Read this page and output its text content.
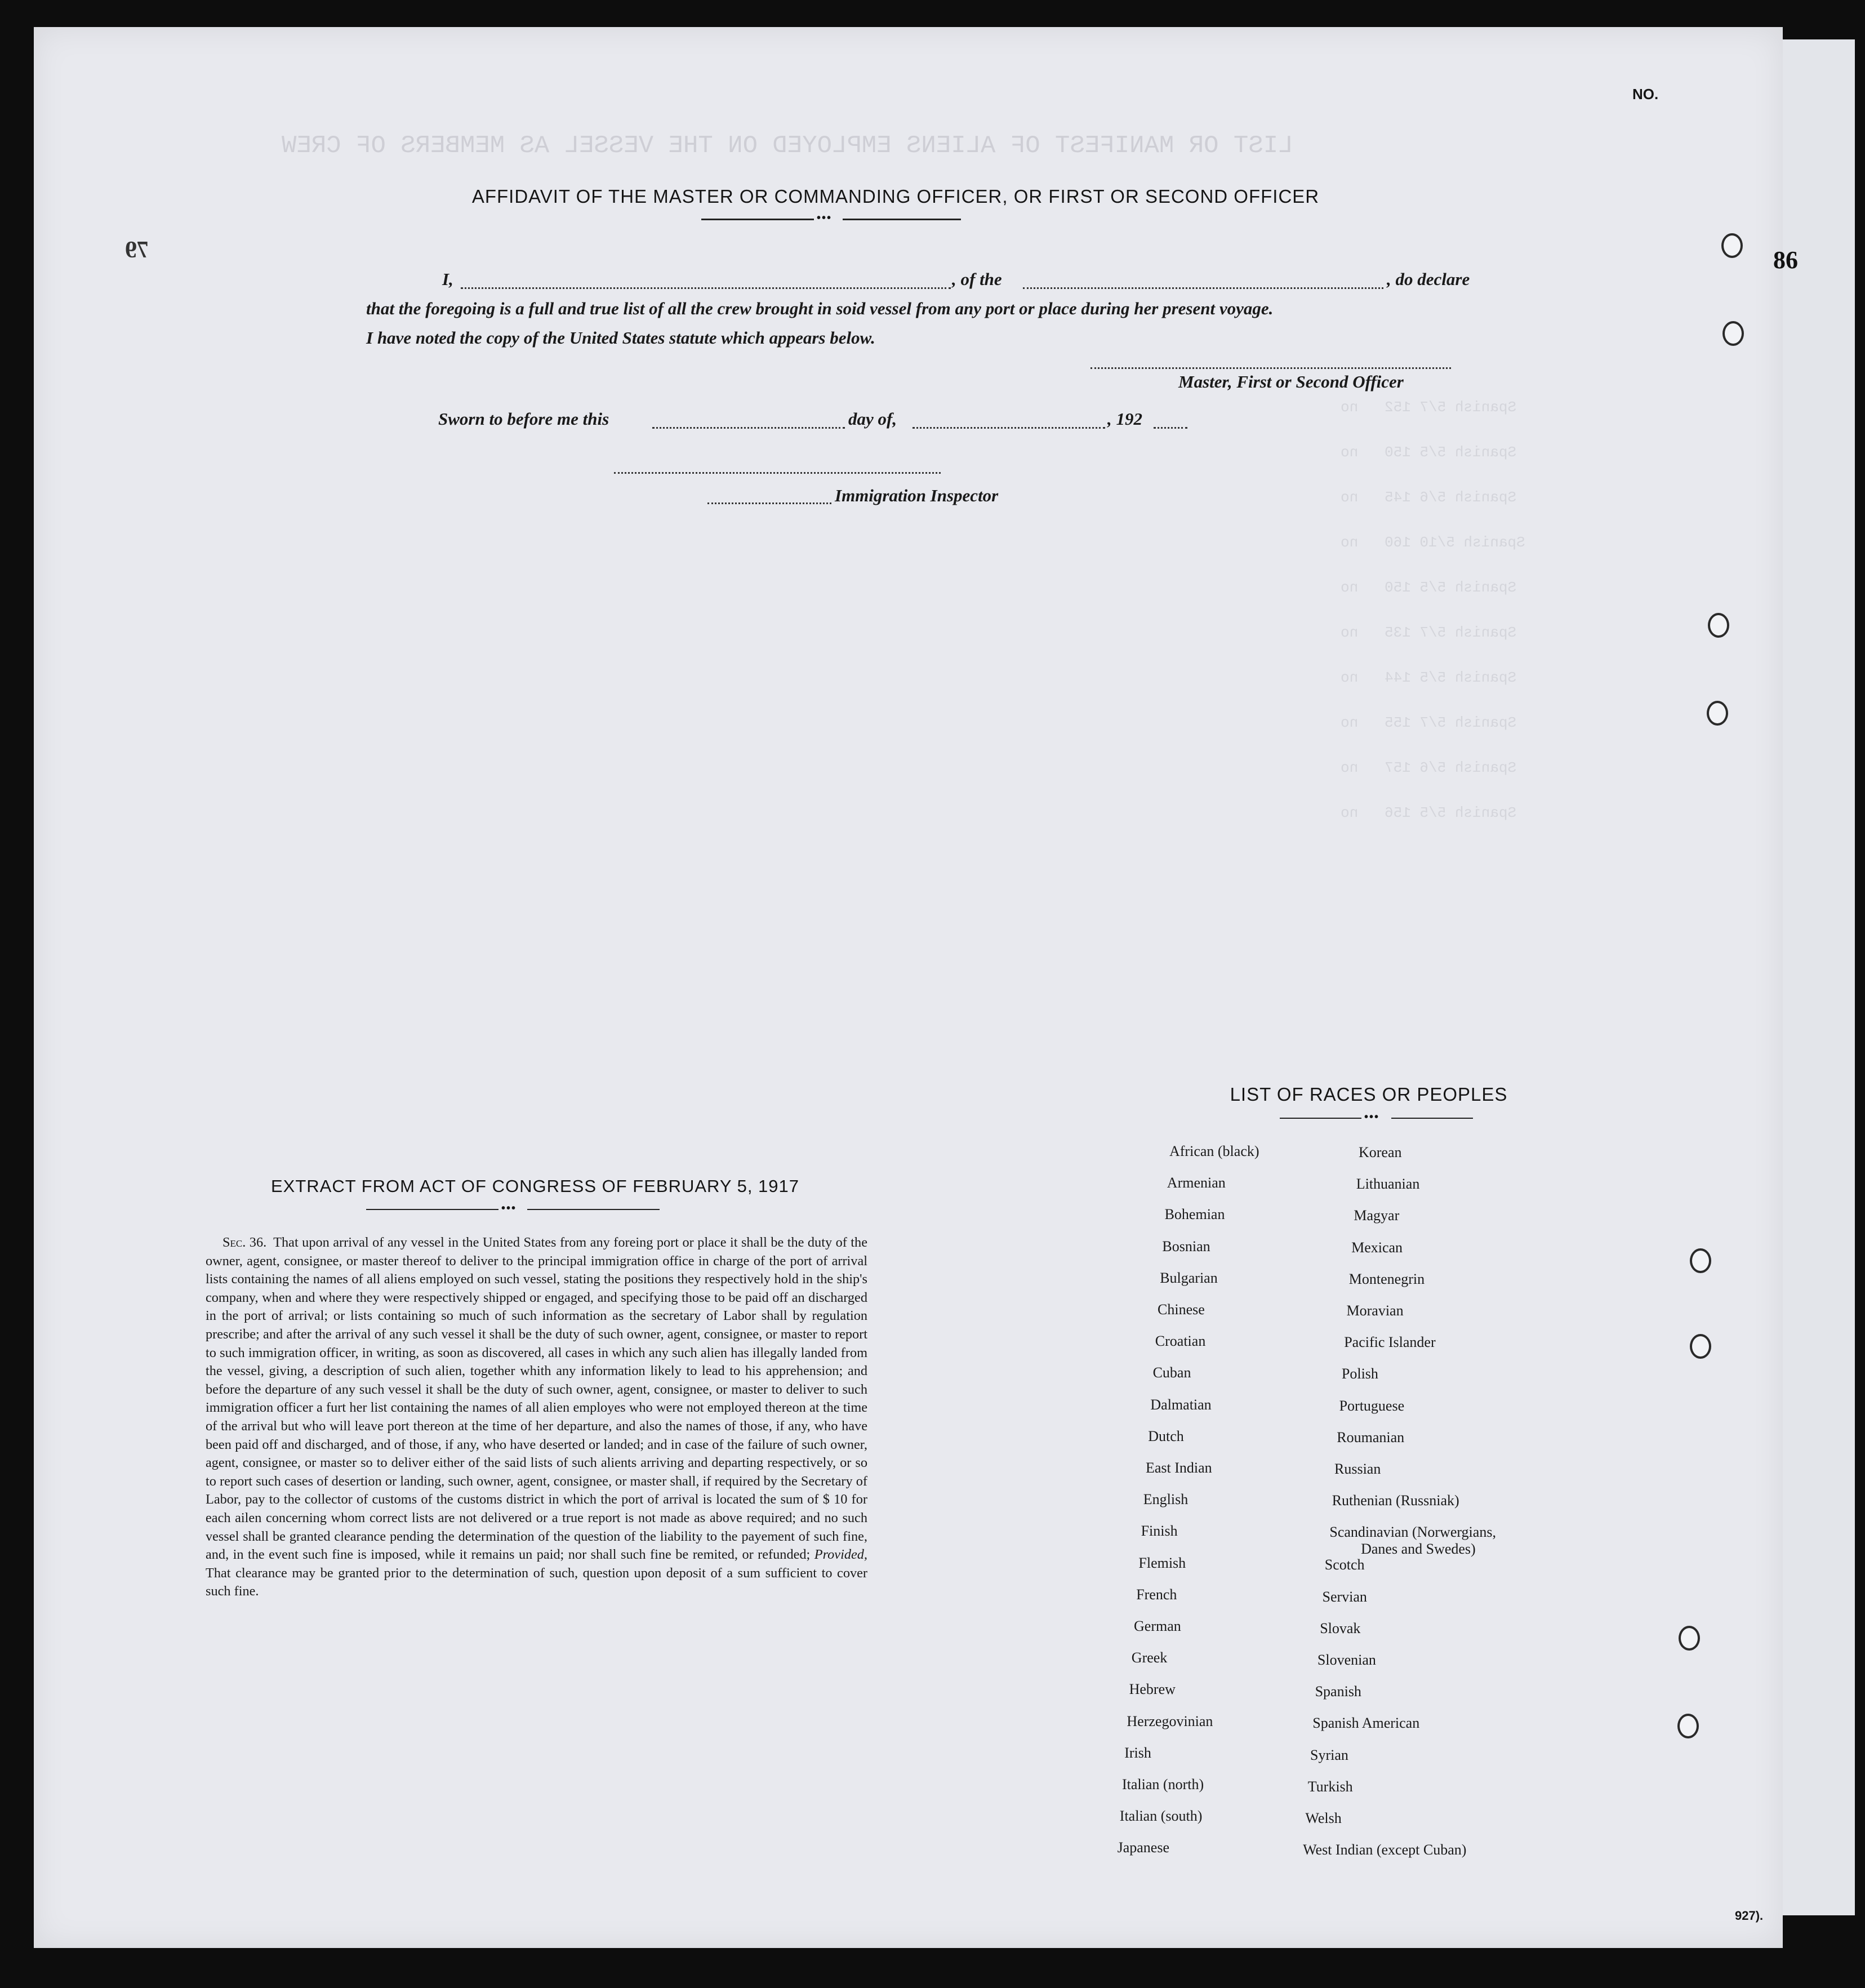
LIST OR MANIFEST OF ALIENS EMPLOYED ON THE VESSEL AS MEMBERS OF CREW
Spanish 5/7 152   no
Spanish 5/5 150   no
Spanish 5/6 145   no
Spanish 5/10 160   no
Spanish 5/5 150   no
Spanish 5/7 135   no
Spanish 5/5 144   no
Spanish 5/7 155   no
Spanish 5/6 157   no
Spanish 5/5 156   no
NO.
79
AFFIDAVIT OF THE MASTER OR COMMANDING OFFICER, OR FIRST OR SECOND OFFICER
•••
I,	, of the	, do declare
that the foregoing is a full and true list of all the crew brought in soid vessel from any port or place during her present voyage.
I have noted the copy of the United States statute which appears below.
Master, First or Second Officer
Sworn to before me this	day of,	, 192
Immigration Inspector
EXTRACT FROM ACT OF CONGRESS OF FEBRUARY 5, 1917
•••
Sec. 36. That upon arrival of any vessel in the United States from any foreing port or place it shall be the duty of the owner, agent, consignee, or master thereof to deliver to the principal immigration office in charge of the port of arrival lists containing the names of all aliens employed on such vessel, stating the positions they respectively hold in the ship's company, when and where they were respectively shipped or engaged, and specifying those to be paid off an discharged in the port of arrival; or lists containing so much of such information as the secretary of Labor shall by regulation prescribe; and after the arrival of any such vessel it shall be the duty of such owner, agent, consignee, or master to report to such immigration officer, in writing, as soon as discovered, all cases in which any such alien has illegally landed from the vessel, giving, a description of such alien, together whith any information likely to lead to his apprehension; and before the departure of any such vessel it shall be the duty of such owner, agent, consignee, or master to deliver to such immigration officer a furt her list containing the names of all alien employes who were not employed thereon at the time of the arrival but who will leave port thereon at the time of her departure, and also the names of those, if any, who have been paid off and discharged, and of those, if any, who have deserted or landed; and in case of the failure of such owner, agent, consignee, or master so to deliver either of the said lists of such alients arriving and departing respectively, or so to report such cases of desertion or landing, such owner, agent, consignee, or master shall, if required by the Secretary of Labor, pay to the collector of customs of the customs district in which the port of arrival is located the sum of $ 10 for each ailen concerning whom correct lists are not delivered or a true report is not made as above required; and no such vessel shall be granted clearance pending the determination of the question of the liability to the payement of such fine, and, in the event such fine is imposed, while it remains un paid; nor shall such fine be remited, or refunded; Provided, That clearance may be granted prior to the determination of such, question upon deposit of a sum sufficient to cover such fine.
LIST OF RACES OR PEOPLES
•••
African (black)
Armenian
Bohemian
Bosnian
Bulgarian
Chinese
Croatian
Cuban
Dalmatian
Dutch
East Indian
English
Finish
Flemish
French
German
Greek
Hebrew
Herzegovinian
Irish
Italian (north)
Italian (south)
Japanese
Korean
Lithuanian
Magyar
Mexican
Montenegrin
Moravian
Pacific Islander
Polish
Portuguese
Roumanian
Russian
Ruthenian (Russniak)
Scandinavian (Norwergians,
Danes and Swedes)
Scotch
Servian
Slovak
Slovenian
Spanish
Spanish American
Syrian
Turkish
Welsh
West Indian (except Cuban)
927).
86
